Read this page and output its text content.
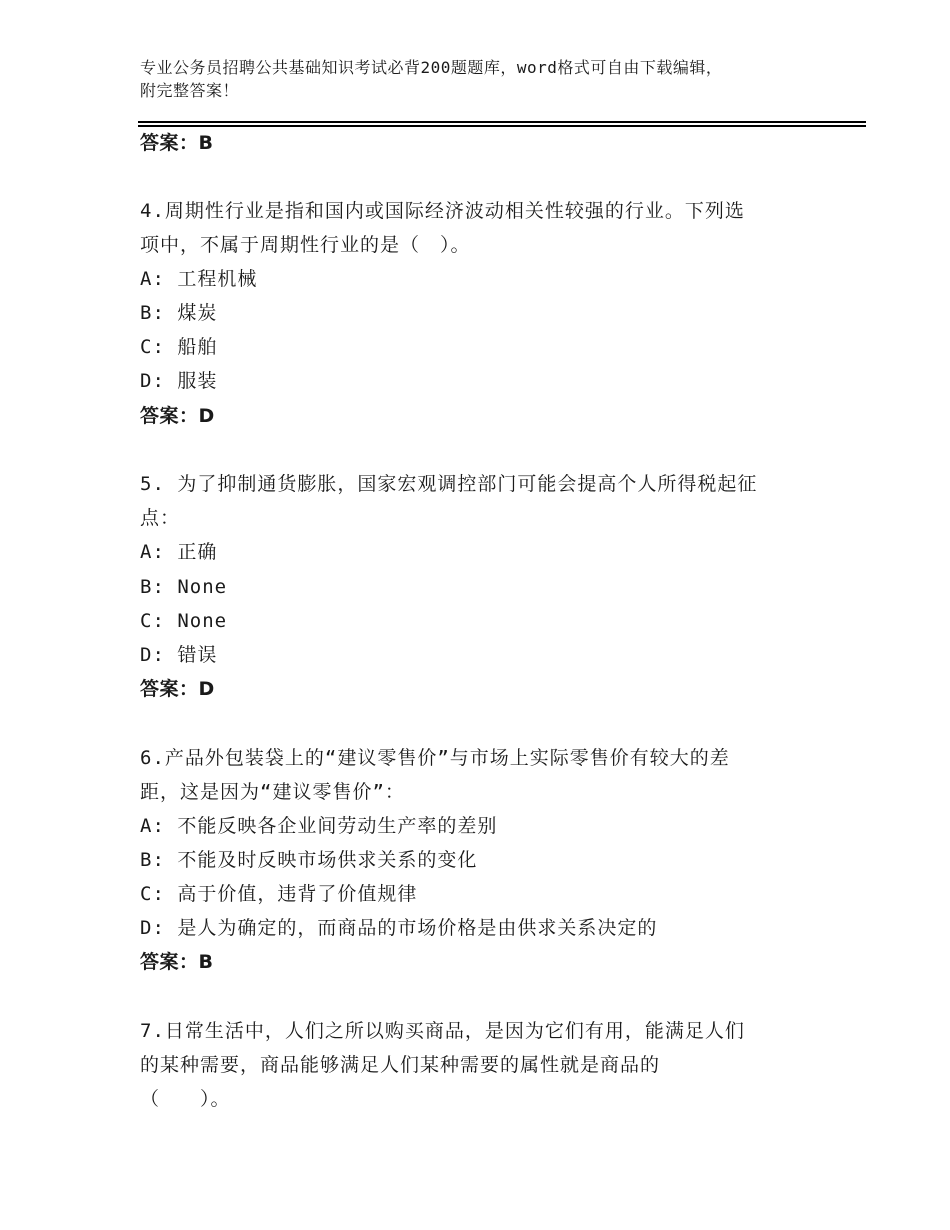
专业公务员招聘公共基础知识考试必背200题题库，word格式可自由下载编辑，
附完整答案！
答案：B
4.周期性行业是指和国内或国际经济波动相关性较强的行业。下列选
项中，不属于周期性行业的是（　）。
A: 工程机械
B: 煤炭
C: 船舶
D: 服装
答案：D
5. 为了抑制通货膨胀，国家宏观调控部门可能会提高个人所得税起征
点：
A: 正确
B: None
C: None
D: 错误
答案：D
6.产品外包装袋上的“建议零售价”与市场上实际零售价有较大的差
距，这是因为“建议零售价”：
A: 不能反映各企业间劳动生产率的差别
B: 不能及时反映市场供求关系的变化
C: 高于价值，违背了价值规律
D: 是人为确定的，而商品的市场价格是由供求关系决定的
答案：B
7.日常生活中，人们之所以购买商品，是因为它们有用，能满足人们
的某种需要，商品能够满足人们某种需要的属性就是商品的
（　　）。
